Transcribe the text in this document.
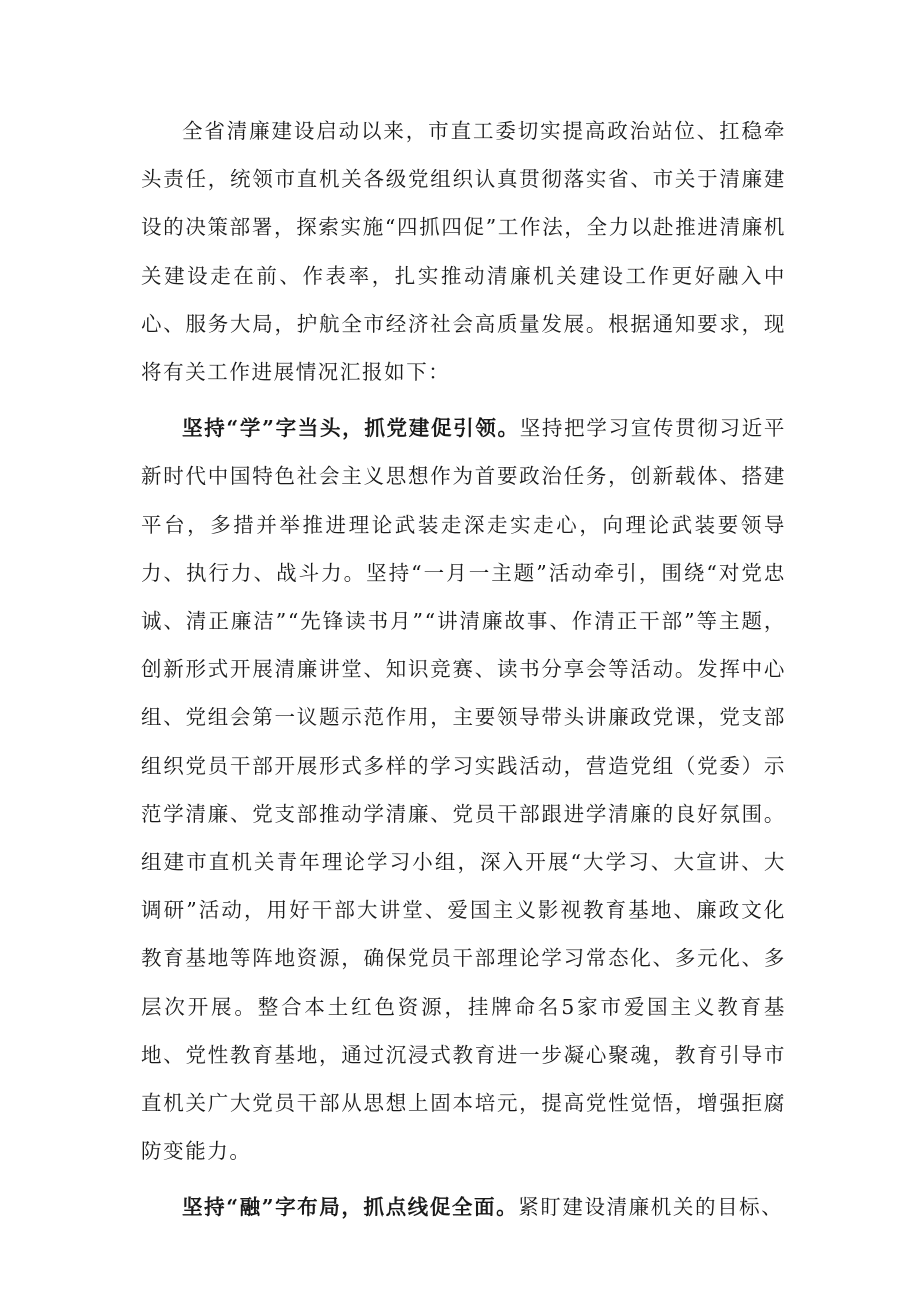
全省清廉建设启动以来，市直工委切实提高政治站位、扛稳牵头责任，统领市直机关各级党组织认真贯彻落实省、市关于清廉建设的决策部署，探索实施“四抓四促”工作法，全力以赴推进清廉机关建设走在前、作表率，扎实推动清廉机关建设工作更好融入中心、服务大局，护航全市经济社会高质量发展。根据通知要求，现将有关工作进展情况汇报如下：

坚持“学”字当头，抓党建促引领。坚持把学习宣传贯彻习近平新时代中国特色社会主义思想作为首要政治任务，创新载体、搭建平台，多措并举推进理论武装走深走实走心，向理论武装要领导力、执行力、战斗力。坚持“一月一主题”活动牵引，围绕“对党忠诚、清正廉洁”“先锋读书月”“讲清廉故事、作清正干部”等主题，创新形式开展清廉讲堂、知识竞赛、读书分享会等活动。发挥中心组、党组会第一议题示范作用，主要领导带头讲廉政党课，党支部组织党员干部开展形式多样的学习实践活动，营造党组（党委）示范学清廉、党支部推动学清廉、党员干部跟进学清廉的良好氛围。组建市直机关青年理论学习小组，深入开展“大学习、大宣讲、大调研”活动，用好干部大讲堂、爱国主义影视教育基地、廉政文化教育基地等阵地资源，确保党员干部理论学习常态化、多元化、多层次开展。整合本土红色资源，挂牌命名5家市爱国主义教育基地、党性教育基地，通过沉浸式教育进一步凝心聚魂，教育引导市直机关广大党员干部从思想上固本培元，提高党性觉悟，增强拒腐防变能力。

坚持“融”字布局，抓点线促全面。紧盯建设清廉机关的目标、
